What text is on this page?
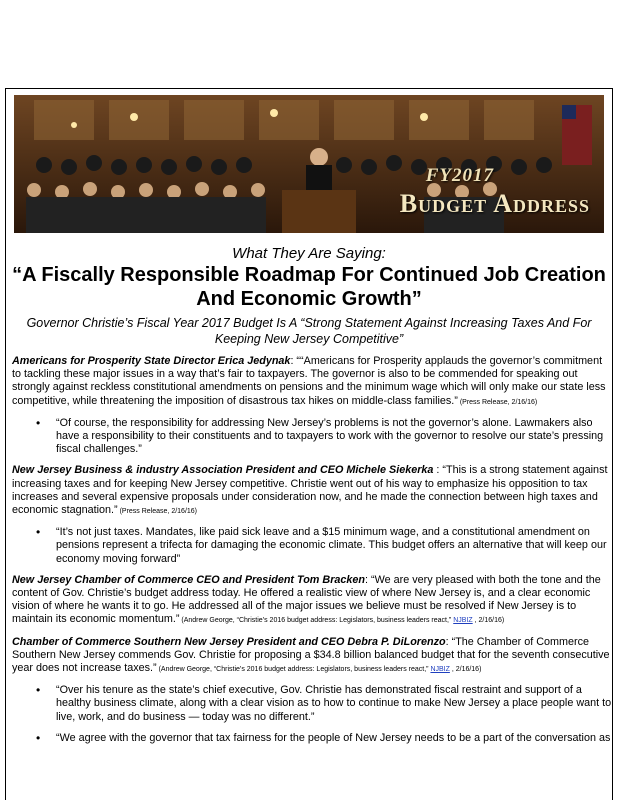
FY2017
Budget Address
What They Are Saying:
“A Fiscally Responsible Roadmap For Continued Job Creation And Economic Growth”
Governor Christie’s Fiscal Year 2017 Budget Is A “Strong Statement Against Increasing Taxes And For Keeping New Jersey Competitive”
Americans for Prosperity State Director Erica Jedynak: ““Americans for Prosperity applauds the governor’s commitment to tackling these major issues in a way that’s fair to taxpayers. The governor is also to be commended for speaking out strongly against reckless constitutional amendments on pensions and the minimum wage which will only make our state less competitive, while threatening the imposition of disastrous tax hikes on middle-class families.” (Press Release, 2/16/16)
• “Of course, the responsibility for addressing New Jersey’s problems is not the governor’s alone. Lawmakers also have a responsibility to their constituents and to taxpayers to work with the governor to resolve our state’s pressing fiscal challenges.”
New Jersey Business & industry Association President and CEO Michele Siekerka : “This is a strong statement against increasing taxes and for keeping New Jersey competitive. Christie went out of his way to emphasize his opposition to tax increases and several expensive proposals under consideration now, and he made the connection between high taxes and economic stagnation.” (Press Release, 2/16/16)
• “It’s not just taxes. Mandates, like paid sick leave and a $15 minimum wage, and a constitutional amendment on pensions represent a trifecta for damaging the economic climate. This budget offers an alternative that will keep our economy moving forward”
New Jersey Chamber of Commerce CEO and President Tom Bracken: “We are very pleased with both the tone and the content of Gov. Christie’s budget address today. He offered a realistic view of where New Jersey is, and a clear economic vision of where he wants it to go. He addressed all of the major issues we believe must be resolved if New Jersey is to maintain its economic momentum.” (Andrew George, “Christie’s 2016 budget address: Legislators, business leaders react,” NJBIZ , 2/16/16)
Chamber of Commerce Southern New Jersey President and CEO Debra P. DiLorenzo: “The Chamber of Commerce Southern New Jersey commends Gov. Christie for proposing a $34.8 billion balanced budget that for the seventh consecutive year does not increase taxes.” (Andrew George, “Christie’s 2016 budget address: Legislators, business leaders react,” NJBIZ , 2/16/16)
• “Over his tenure as the state’s chief executive, Gov. Christie has demonstrated fiscal restraint and support of a healthy business climate, along with a clear vision as to how to continue to make New Jersey a place people want to live, work, and do business — today was no different.”
• “We agree with the governor that tax fairness for the people of New Jersey needs to be a part of the conversation as
